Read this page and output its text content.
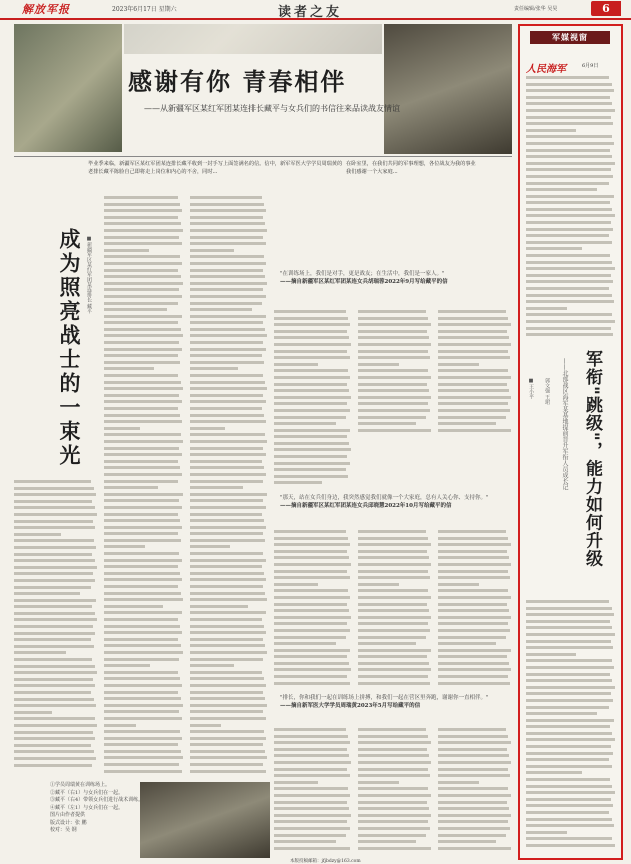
解放军报	2023年6月17日 星期六	读者之友	责任编辑/张华 吴昊	6
感谢有你 青春相伴
——从新疆军区某红军团某连排长藏平与女兵们的书信往来品读战友情谊
毕业季来临，新疆军区某红军团某连排长藏平收到一封手写上面签满名的信。信中，新军军医大学学员周瑞黄的老排长藏平陈脸自己即将走上岗位和内心的不舍，同时...
在卧室里，在我们共同的军事理想，各位战友为我的事业我们感谢一个大家庭...
成为照亮战士的一束光	■新疆军区某红军团某连排长 藏平	"在训练场上，我们是对手，更是战友；在生活中，我们是一家人。"
——摘自新疆军区某红军团某连女兵胡瑞蓉2022年9月写给藏平的信
"那天，站在女兵们身边，我突然感觉我们就像一个大家庭，总有人关心你、支持你。"
——摘自新疆军区某红军团某连女兵邱晓慧2022年10月写给藏平的信
"排长，你和我们一起在训练场上拼搏，和我们一起在营区里奔跑，谢谢你一直相伴。"
——摘自新军医大学学员周瑞黄2023年5月写给藏平的信
①学员周瑞黄在训练场上。
②藏平（右1）与女兵们在一起。
③藏平（右4）带领女兵们进行战术训练。
④藏平（左1）与女兵们在一起。
图片由作者提供
版式设计：张 鹏
校对：吴 钢
军媒视窗
人民海军	6月9日
军衔"跳级"，能力如何升级
——北部战区海军某基地提前晋升军衔人员成长记
■王小平 郭文强 王珺
本版投稿邮箱：jfjbdzy@163.com
